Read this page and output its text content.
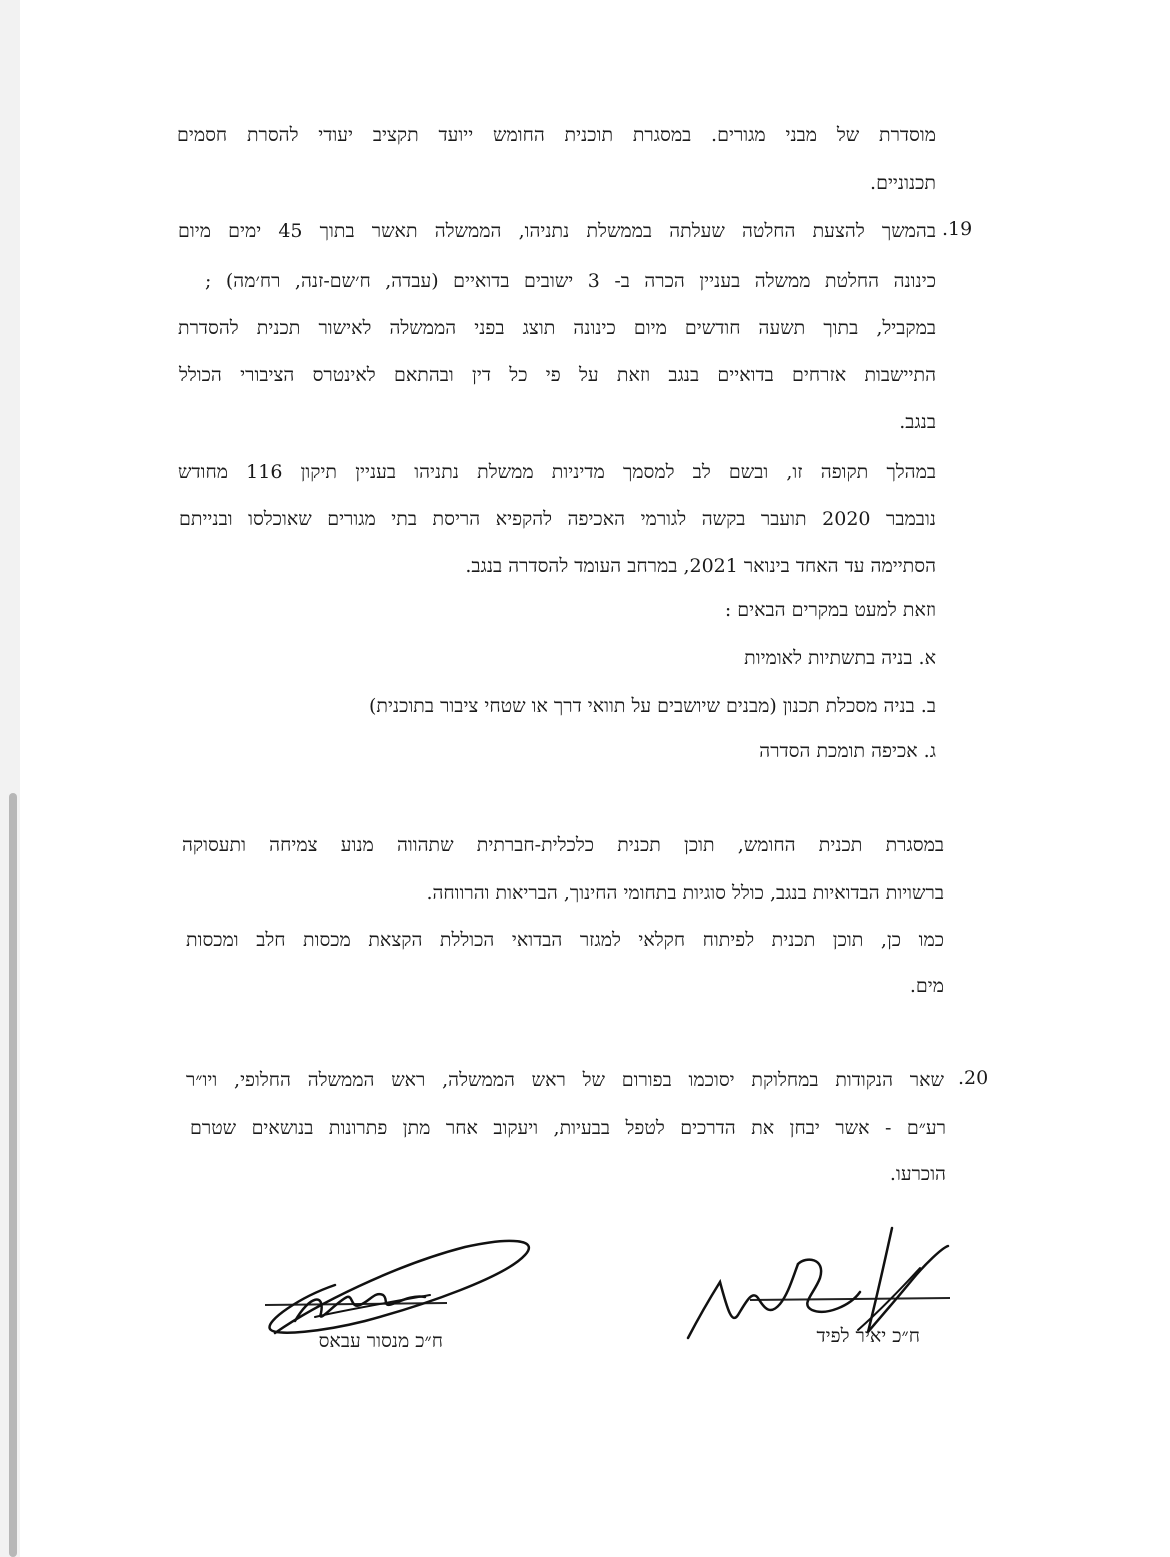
מוסדרת של מבני מגורים. במסגרת תוכנית החומש ייועד תקציב יעודי להסרת חסמים
תכנוניים.
.19
בהמשך להצעת החלטה שעלתה בממשלת נתניהו, הממשלה תאשר בתוך 45 ימים מיום
כינונה החלטת ממשלה בעניין הכרה ב- 3 ישובים בדואיים (עבדה, ח׳שם-זנה, רח׳מה) ;
במקביל, בתוך תשעה חודשים מיום כינונה תוצג בפני הממשלה לאישור תכנית להסדרת
התיישבות אזרחים בדואיים בנגב וזאת על פי כל דין ובהתאם לאינטרס הציבורי הכולל
בנגב.
במהלך תקופה זו, ובשם לב למסמך מדיניות ממשלת נתניהו בעניין תיקון 116 מחודש
נובמבר 2020 תועבר בקשה לגורמי האכיפה להקפיא הריסת בתי מגורים שאוכלסו ובנייתם
הסתיימה עד האחד בינואר 2021, במרחב העומד להסדרה בנגב.
וזאת למעט במקרים הבאים :
א. בניה בתשתיות לאומיות
ב. בניה מסכלת תכנון (מבנים שיושבים על תוואי דרך או שטחי ציבור בתוכנית)
ג. אכיפה תומכת הסדרה
במסגרת תכנית החומש, תוכן תכנית כלכלית-חברתית שתהווה מנוע צמיחה ותעסוקה
ברשויות הבדואיות בנגב, כולל סוגיות בתחומי החינוך, הבריאות והרווחה.
כמו כן, תוכן תכנית לפיתוח חקלאי למגזר הבדואי הכוללת הקצאת מכסות חלב ומכסות
מים.
.20
שאר הנקודות במחלוקת יסוכמו בפורום של ראש הממשלה, ראש הממשלה החלופי, ויו״ר
רע״ם - אשר יבחן את הדרכים לטפל בבעיות, ויעקוב אחר מתן פתרונות בנושאים שטרם
הוכרעו.
ח״כ מנסור עבאס	ח״כ יאיר לפיד
